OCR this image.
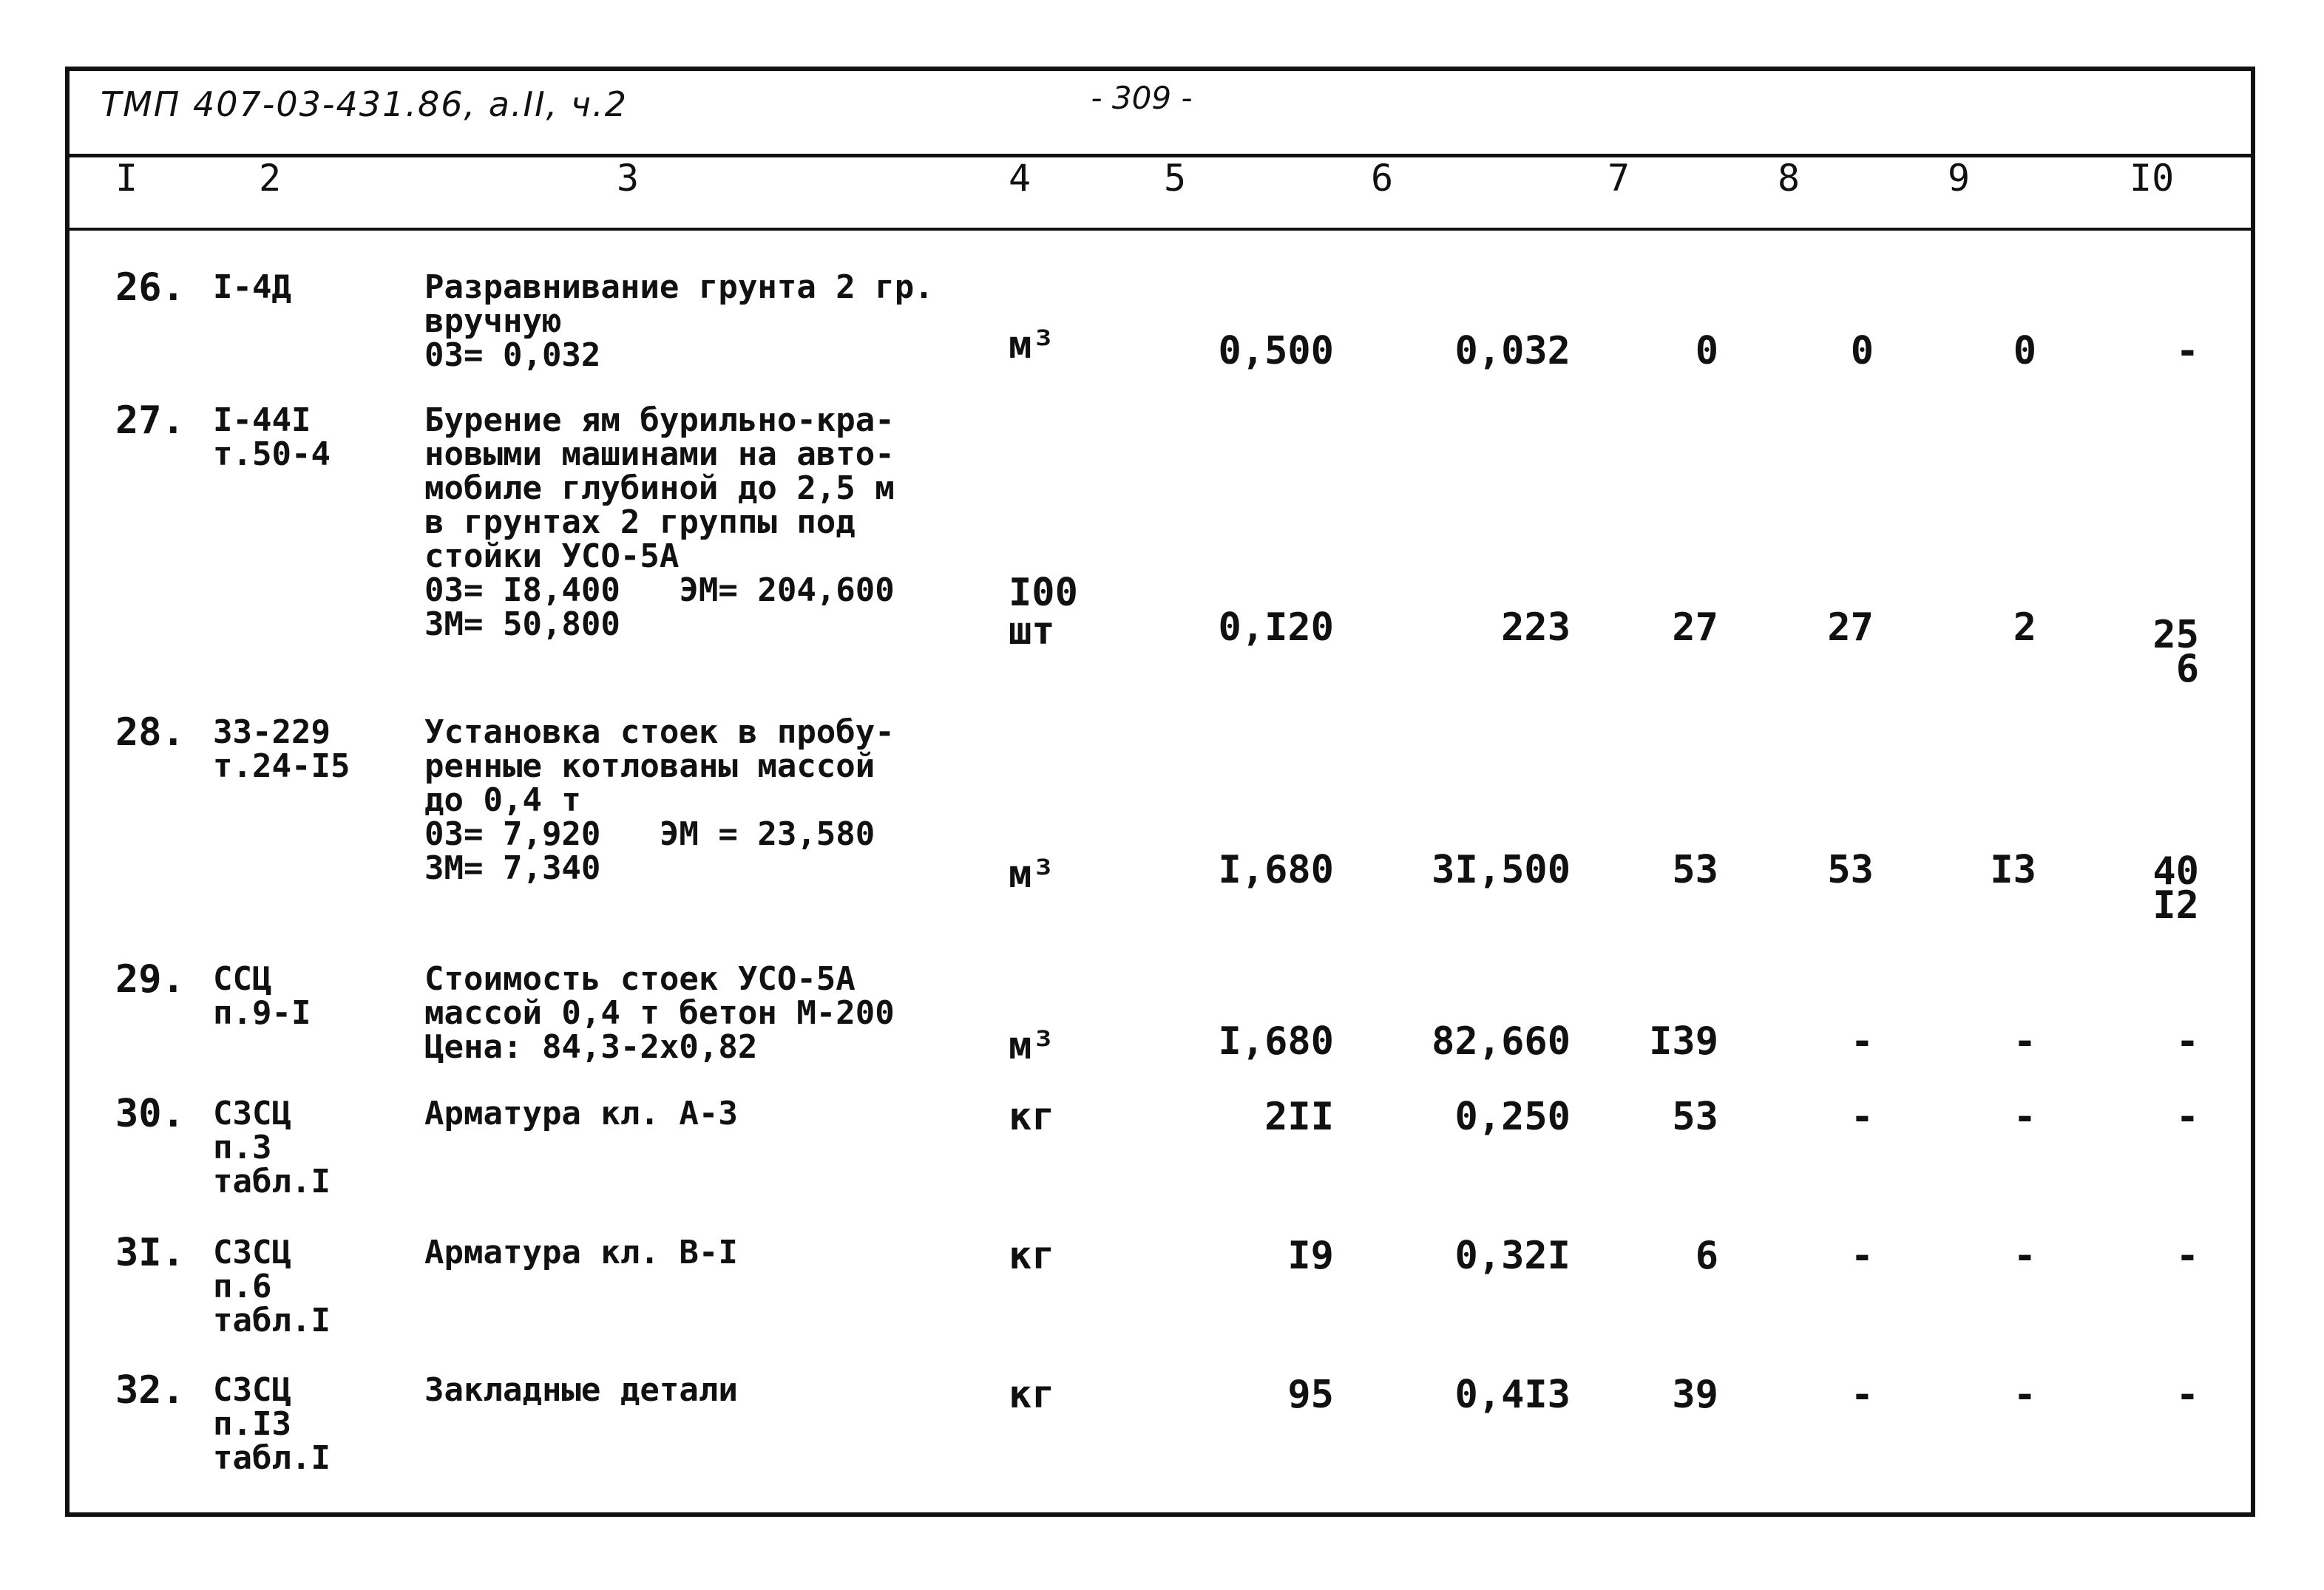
ТМП 407-03-431.86, а.II, ч.2	- 309 -
I	2	3	4	5	6	7	8	9	I0
26. I-4Д	Разравнивание грунта 2 гр.
вручную
03= 0,032	м³	0,500	0,032	0	0	0	-
27. I-44I
т.50-4
Бурение ям бурильно-кра-
новыми машинами на авто-
мобиле глубиной до 2,5 м
в грунтах 2 группы под
стойки УСО-5А
03= I8,400   ЭМ= 204,600
ЗМ= 50,800
I00
шт	0,I20	223	27	27	2	25
6
28. 33-229
т.24-I5
Установка стоек в пробу-
ренные котлованы массой
до 0,4 т
03= 7,920   ЭМ = 23,580
ЗМ= 7,340	м³	I,680	3I,500	53	53	I3	40
I2
29. ССЦ
п.9-I
Стоимость стоек УСО-5А
массой 0,4 т бетон М-200
Цена: 84,3-2х0,82	м³	I,680	82,660	I39	-	-	-
30. СЗСЦ
п.3
табл.I
Арматура кл. А-3	кг	2II	0,250	53	-	-	-
3I. СЗСЦ
п.6
табл.I
Арматура кл. В-I	кг	I9	0,32I	6	-	-	-
32. СЗСЦ
п.I3
табл.I
Закладные детали	кг	95	0,4I3	39	-	-	-
